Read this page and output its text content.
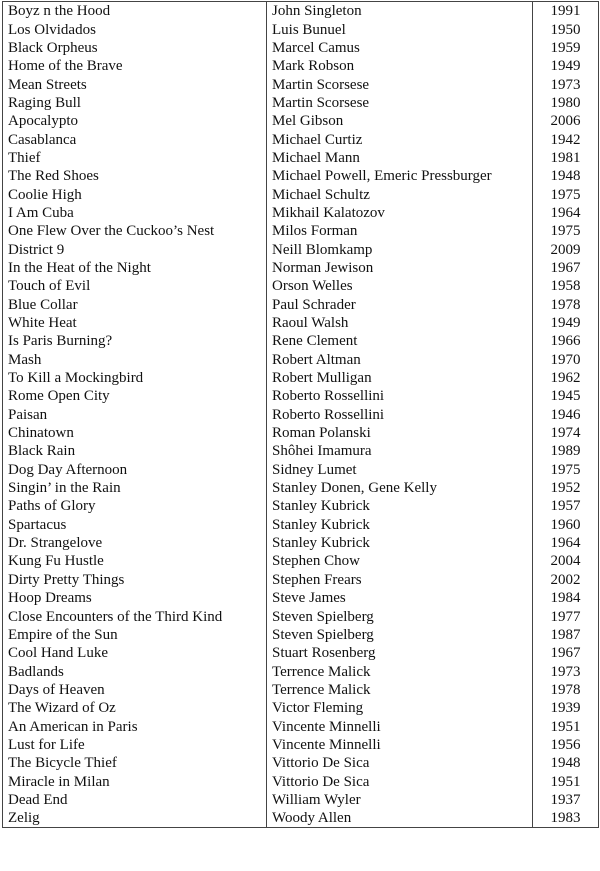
Boyz n the Hood	John Singleton	1991
Los Olvidados	Luis Bunuel	1950
Black Orpheus	Marcel Camus	1959
Home of the Brave	Mark Robson	1949
Mean Streets	Martin Scorsese	1973
Raging Bull	Martin Scorsese	1980
Apocalypto	Mel Gibson	2006
Casablanca	Michael Curtiz	1942
Thief	Michael Mann	1981
The Red Shoes	Michael Powell, Emeric Pressburger	1948
Coolie High	Michael Schultz	1975
I Am Cuba	Mikhail Kalatozov	1964
One Flew Over the Cuckoo’s Nest	Milos Forman	1975
District 9	Neill Blomkamp	2009
In the Heat of the Night	Norman Jewison	1967
Touch of Evil	Orson Welles	1958
Blue Collar	Paul Schrader	1978
White Heat	Raoul Walsh	1949
Is Paris Burning?	Rene Clement	1966
Mash	Robert Altman	1970
To Kill a Mockingbird	Robert Mulligan	1962
Rome Open City	Roberto Rossellini	1945
Paisan	Roberto Rossellini	1946
Chinatown	Roman Polanski	1974
Black Rain	Shôhei Imamura	1989
Dog Day Afternoon	Sidney Lumet	1975
Singin’ in the Rain	Stanley Donen, Gene Kelly	1952
Paths of Glory	Stanley Kubrick	1957
Spartacus	Stanley Kubrick	1960
Dr. Strangelove	Stanley Kubrick	1964
Kung Fu Hustle	Stephen Chow	2004
Dirty Pretty Things	Stephen Frears	2002
Hoop Dreams	Steve James	1984
Close Encounters of the Third Kind	Steven Spielberg	1977
Empire of the Sun	Steven Spielberg	1987
Cool Hand Luke	Stuart Rosenberg	1967
Badlands	Terrence Malick	1973
Days of Heaven	Terrence Malick	1978
The Wizard of Oz	Victor Fleming	1939
An American in Paris	Vincente Minnelli	1951
Lust for Life	Vincente Minnelli	1956
The Bicycle Thief	Vittorio De Sica	1948
Miracle in Milan	Vittorio De Sica	1951
Dead End	William Wyler	1937
Zelig	Woody Allen	1983
